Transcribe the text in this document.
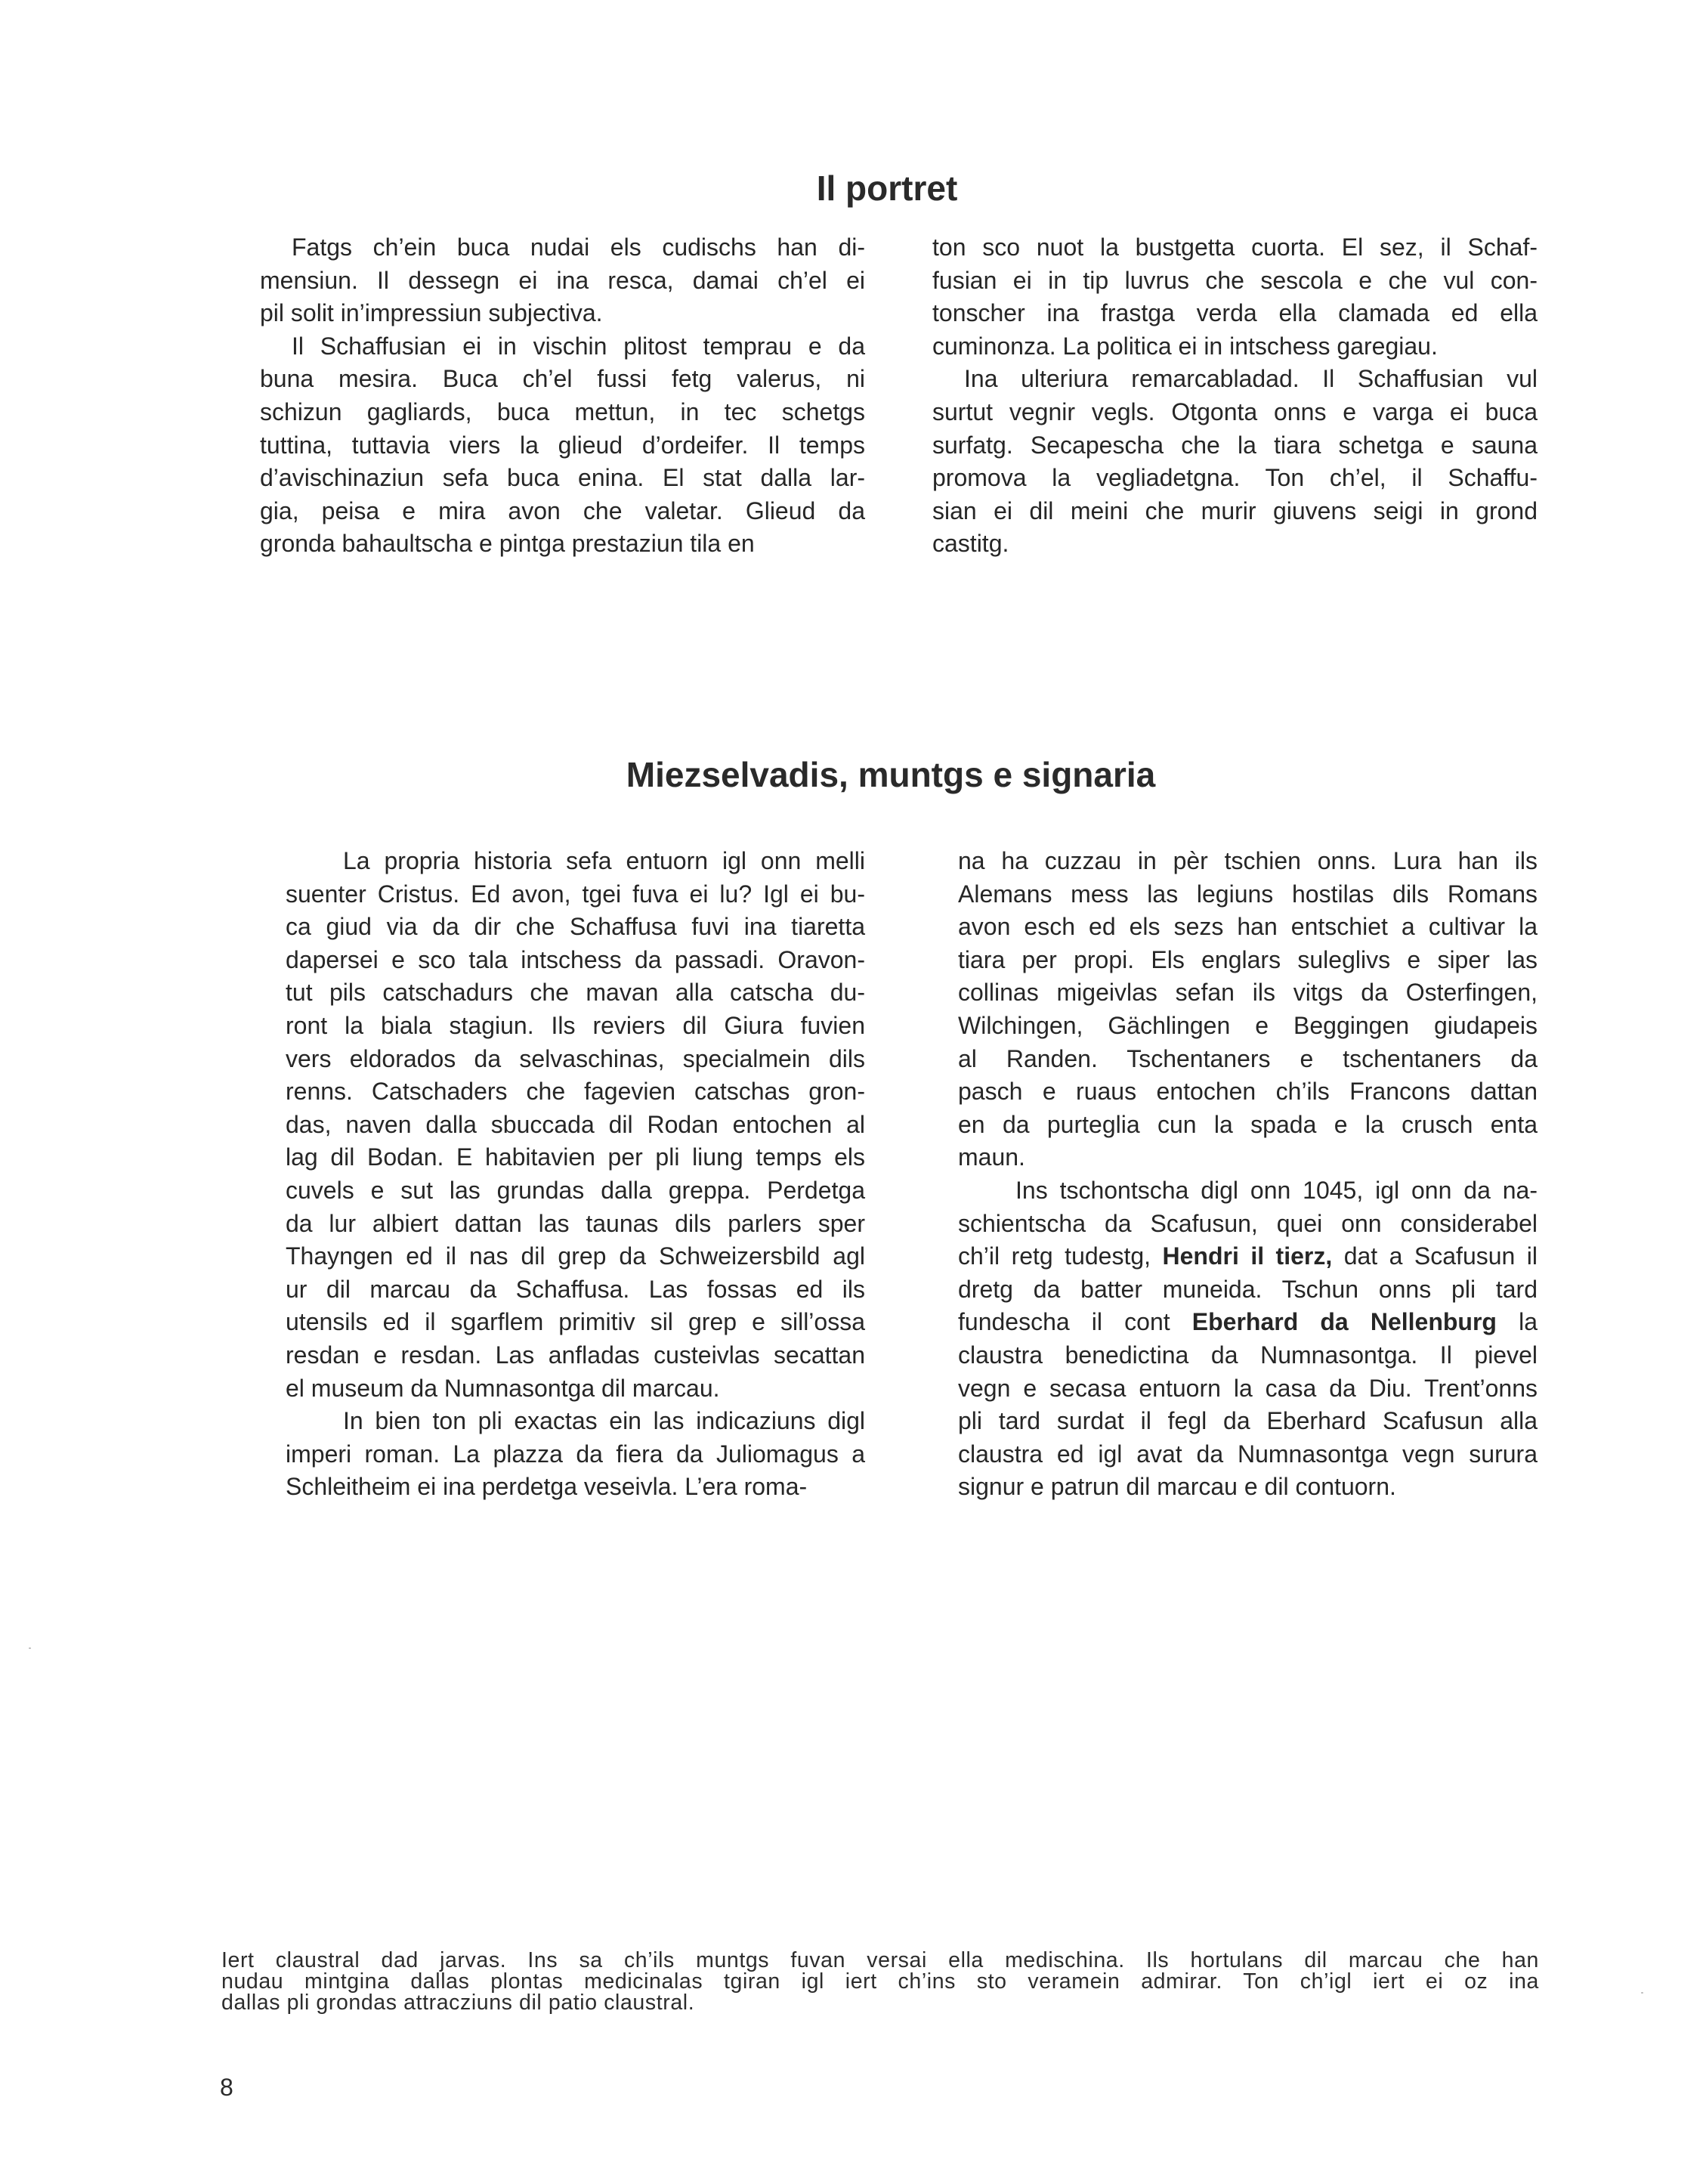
Il portret

Fatgs ch’ein buca nudai els cudischs han di-
mensiun. Il dessegn ei ina resca, damai ch’el ei
pil solit in’impressiun subjectiva.

Il Schaffusian ei in vischin plitost temprau e da
buna mesira. Buca ch’el fussi fetg valerus, ni
schizun gagliards, buca mettun, in tec schetgs
tuttina, tuttavia viers la glieud d’ordeifer. Il temps
d’avischinaziun sefa buca enina. El stat dalla lar-
gia, peisa e mira avon che valetar. Glieud da
gronda bahaultscha e pintga prestaziun tila en

ton sco nuot la bustgetta cuorta. El sez, il Schaf-
fusian ei in tip luvrus che sescola e che vul con-
tonscher ina frastga verda ella clamada ed ella
cuminonza. La politica ei in intschess garegiau.

Ina ulteriura remarcabladad. Il Schaffusian vul
surtut vegnir vegls. Otgonta onns e varga ei buca
surfatg. Secapescha che la tiara schetga e sauna
promova la vegliadetgna. Ton ch’el, il Schaffu-
sian ei dil meini che murir giuvens seigi in grond
castitg.

Miezselvadis, muntgs e signaria

La propria historia sefa entuorn igl onn melli
suenter Cristus. Ed avon, tgei fuva ei lu? Igl ei bu-
ca giud via da dir che Schaffusa fuvi ina tiaretta
dapersei e sco tala intschess da passadi. Oravon-
tut pils catschadurs che mavan alla catscha du-
ront la biala stagiun. Ils reviers dil Giura fuvien
vers eldorados da selvaschinas, specialmein dils
renns. Catschaders che fagevien catschas gron-
das, naven dalla sbuccada dil Rodan entochen al
lag dil Bodan. E habitavien per pli liung temps els
cuvels e sut las grundas dalla greppa. Perdetga
da lur albiert dattan las taunas dils parlers sper
Thayngen ed il nas dil grep da Schweizersbild agl
ur dil marcau da Schaffusa. Las fossas ed ils
utensils ed il sgarflem primitiv sil grep e sill’ossa
resdan e resdan. Las anfladas custeivlas secattan
el museum da Numnasontga dil marcau.

In bien ton pli exactas ein las indicaziuns digl
imperi roman. La plazza da fiera da Juliomagus a
Schleitheim ei ina perdetga veseivla. L’era roma-

na ha cuzzau in pèr tschien onns. Lura han ils
Alemans mess las legiuns hostilas dils Romans
avon esch ed els sezs han entschiet a cultivar la
tiara per propi. Els englars suleglivs e siper las
collinas migeivlas sefan ils vitgs da Osterfingen,
Wilchingen, Gächlingen e Beggingen giudapeis
al Randen. Tschentaners e tschentaners da
pasch e ruaus entochen ch’ils Francons dattan
en da purteglia cun la spada e la crusch enta
maun.

Ins tschontscha digl onn 1045, igl onn da na-
schientscha da Scafusun, quei onn considerabel
ch’il retg tudestg, Hendri il tierz, dat a Scafusun il
dretg da batter muneida. Tschun onns pli tard
fundescha il cont Eberhard da Nellenburg la
claustra benedictina da Numnasontga. Il pievel
vegn e secasa entuorn la casa da Diu. Trent’onns
pli tard surdat il fegl da Eberhard Scafusun alla
claustra ed igl avat da Numnasontga vegn surura
signur e patrun dil marcau e dil contuorn.

Iert claustral dad jarvas. Ins sa ch’ils muntgs fuvan versai ella medischina. Ils hortulans dil marcau che han
nudau mintgina dallas plontas medicinalas tgiran igl iert ch’ins sto veramein admirar. Ton ch’igl iert ei oz ina
dallas pli grondas attracziuns dil patio claustral.
8
